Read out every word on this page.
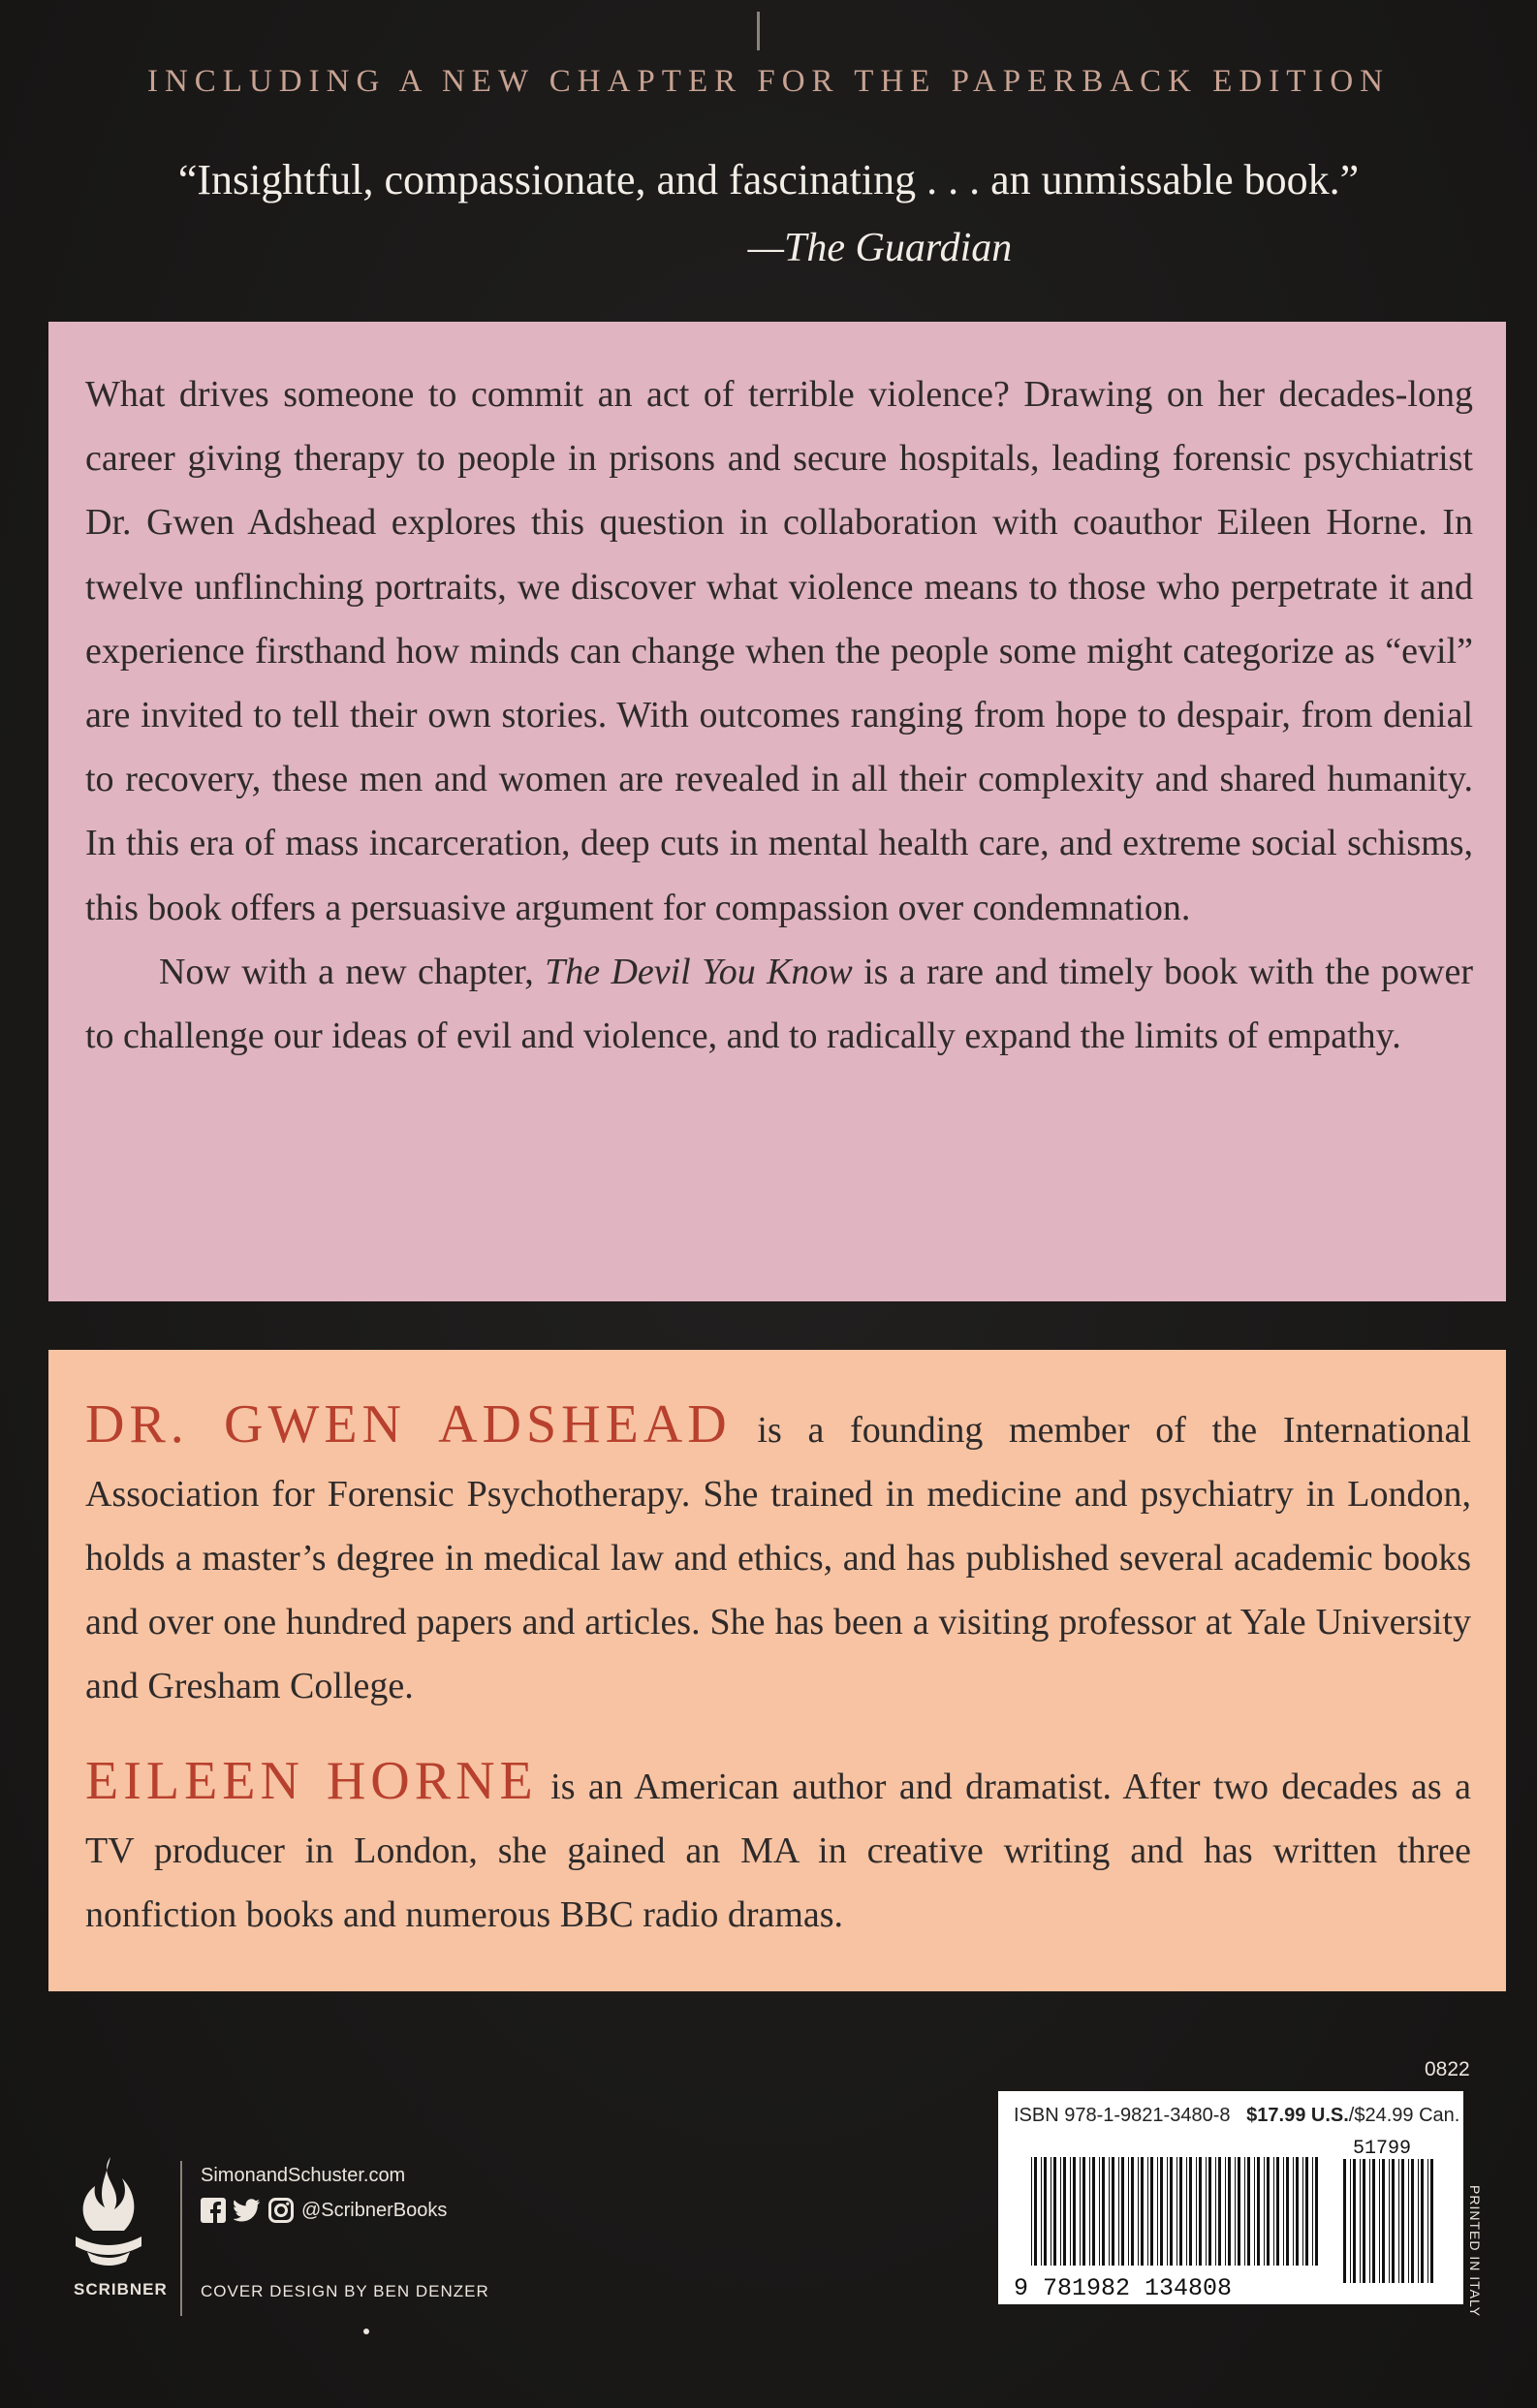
INCLUDING A NEW CHAPTER FOR THE PAPERBACK EDITION
“Insightful, compassionate, and fascinating . . . an unmissable book.”
—The Guardian

What drives someone to commit an act of terrible violence? Drawing on her decades-long career giving therapy to people in prisons and secure hospitals, leading forensic psychiatrist Dr. Gwen Adshead explores this question in collaboration with coauthor Eileen Horne. In twelve unflinching portraits, we discover what violence means to those who perpetrate it and experience firsthand how minds can change when the people some might categorize as “evil” are invited to tell their own stories. With outcomes ranging from hope to despair, from denial to recovery, these men and women are revealed in all their complexity and shared humanity. In this era of mass incarceration, deep cuts in mental health care, and extreme social schisms, this book offers a persuasive argument for compassion over condemnation.

Now with a new chapter, The Devil You Know is a rare and timely book with the power to challenge our ideas of evil and violence, and to radically expand the limits of empathy.

DR. GWEN ADSHEAD is a founding member of the International Association for Forensic Psychotherapy. She trained in medicine and psychiatry in London, holds a master’s degree in medical law and ethics, and has published several academic books and over one hundred papers and articles. She has been a visiting professor at Yale University and Gresham College.

EILEEN HORNE is an American author and dramatist. After two decades as a TV producer in London, she gained an MA in creative writing and has written three nonfiction books and numerous BBC radio dramas.

SCRIBNER
SimonandSchuster.com
@ScribnerBooks
COVER DESIGN BY BEN DENZER
0822
ISBN 978-1-9821-3480-8 $17.99 U.S./$24.99 Can.
9 781982 134808
51799
PRINTED IN ITALY
